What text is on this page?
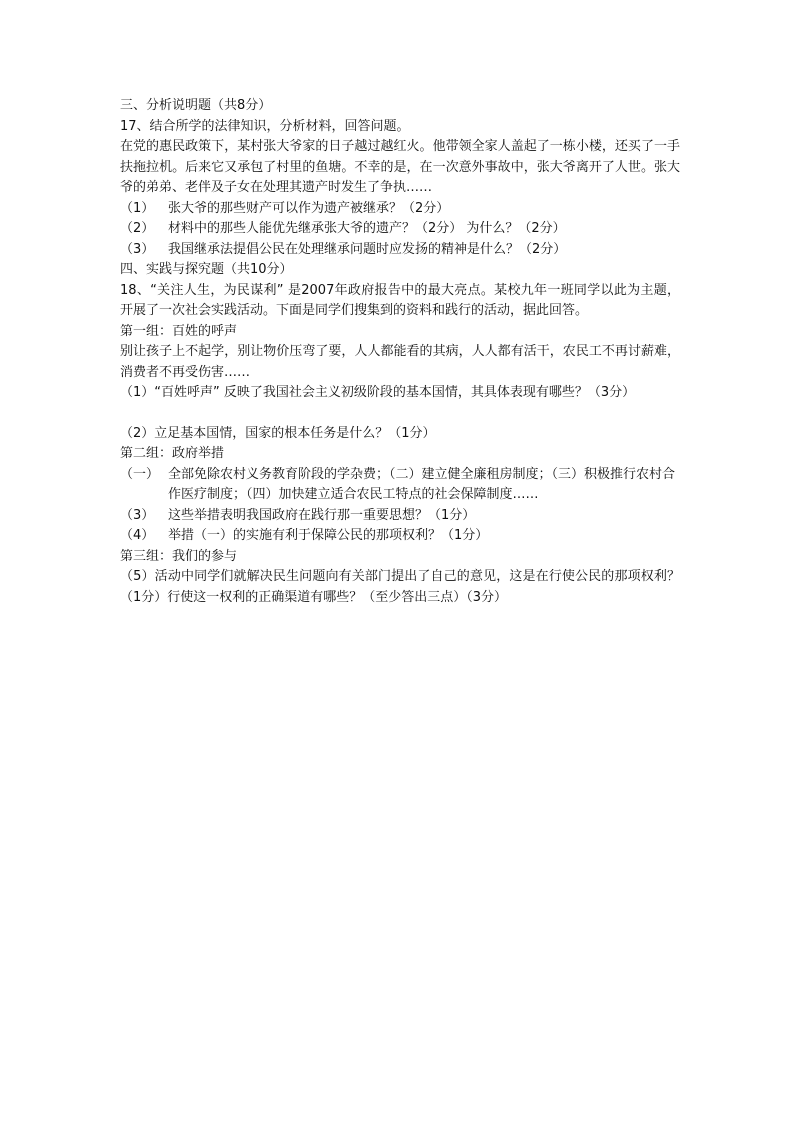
三、分析说明题（共8分）
17、结合所学的法律知识，分析材料，回答问题。
在党的惠民政策下，某村张大爷家的日子越过越红火。他带领全家人盖起了一栋小楼，还买了一手扶拖拉机。后来它又承包了村里的鱼塘。不幸的是，在一次意外事故中，张大爷离开了人世。张大爷的弟弟、老伴及子女在处理其遗产时发生了争执……
（1）	张大爷的那些财产可以作为遗产被继承？（2分）
（2）	材料中的那些人能优先继承张大爷的遗产？（2分） 为什么？（2分）
（3）	我国继承法提倡公民在处理继承问题时应发扬的精神是什么？（2分）
四、实践与探究题（共10分）
18、“关注人生，为民谋利” 是2007年政府报告中的最大亮点。某校九年一班同学以此为主题，开展了一次社会实践活动。下面是同学们搜集到的资料和践行的活动，据此回答。
第一组：百姓的呼声
别让孩子上不起学，别让物价压弯了要，人人都能看的其病，人人都有活干，农民工不再讨薪难，消费者不再受伤害……
（1）“百姓呼声” 反映了我国社会主义初级阶段的基本国情，其具体表现有哪些？（3分）
（2）立足基本国情，国家的根本任务是什么？（1分）
第二组：政府举措
（一） 全部免除农村义务教育阶段的学杂费；（二）建立健全廉租房制度；（三）积极推行农村合作医疗制度；（四）加快建立适合农民工特点的社会保障制度……
（3）	这些举措表明我国政府在践行那一重要思想？（1分）
（4）	举措（一）的实施有利于保障公民的那项权利？（1分）
第三组：我们的参与
（5）活动中同学们就解决民生问题向有关部门提出了自己的意见，这是在行使公民的那项权利？（1分）行使这一权利的正确渠道有哪些？（至少答出三点）（3分）
